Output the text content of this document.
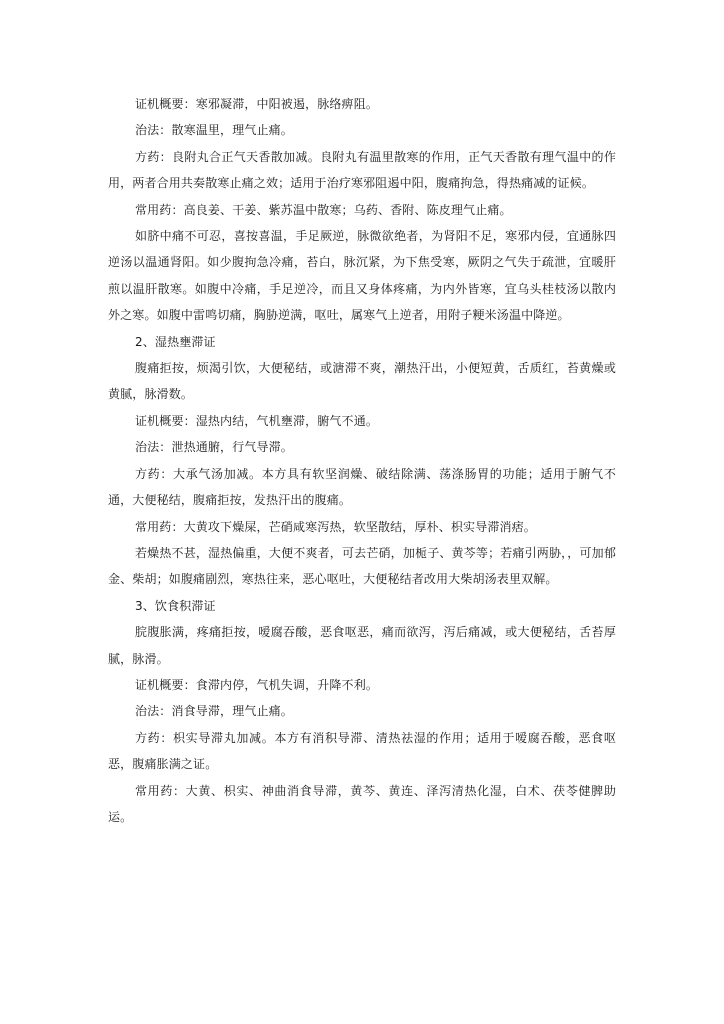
证机概要：寒邪凝滞，中阳被遏，脉络痹阻。

治法：散寒温里，理气止痛。

方药：良附丸合正气天香散加减。良附丸有温里散寒的作用，正气天香散有理气温中的作用，两者合用共奏散寒止痛之效；适用于治疗寒邪阻遏中阳，腹痛拘急，得热痛减的证候。

常用药：高良姜、干姜、紫苏温中散寒；乌药、香附、陈皮理气止痛。

如脐中痛不可忍，喜按喜温，手足厥逆，脉微欲绝者，为肾阳不足，寒邪内侵，宜通脉四逆汤以温通肾阳。如少腹拘急冷痛，苔白，脉沉紧，为下焦受寒，厥阴之气失于疏泄，宜暖肝煎以温肝散寒。如腹中冷痛，手足逆冷，而且又身体疼痛，为内外皆寒，宜乌头桂枝汤以散内外之寒。如腹中雷鸣切痛，胸胁逆满，呕吐，属寒气上逆者，用附子粳米汤温中降逆。

2、湿热壅滞证

腹痛拒按，烦渴引饮，大便秘结，或溏滞不爽，潮热汗出，小便短黄，舌质红，苔黄燥或黄腻，脉滑数。

证机概要：湿热内结，气机壅滞，腑气不通。

治法：泄热通腑，行气导滞。

方药：大承气汤加减。本方具有软坚润燥、破结除满、荡涤肠胃的功能；适用于腑气不通，大便秘结，腹痛拒按，发热汗出的腹痛。

常用药：大黄攻下燥屎，芒硝咸寒泻热，软坚散结，厚朴、枳实导滞消痞。

若燥热不甚，湿热偏重，大便不爽者，可去芒硝，加栀子、黄芩等；若痛引两胁，，可加郁金、柴胡；如腹痛剧烈，寒热往来，恶心呕吐，大便秘结者改用大柴胡汤表里双解。

3、饮食积滞证

脘腹胀满，疼痛拒按，嗳腐吞酸，恶食呕恶，痛而欲泻，泻后痛减，或大便秘结，舌苔厚腻，脉滑。

证机概要：食滞内停，气机失调，升降不利。

治法：消食导滞，理气止痛。

方药：枳实导滞丸加减。本方有消积导滞、清热祛湿的作用；适用于嗳腐吞酸，恶食呕恶，腹痛胀满之证。

常用药：大黄、枳实、神曲消食导滞，黄芩、黄连、泽泻清热化湿，白术、茯苓健脾助运。
